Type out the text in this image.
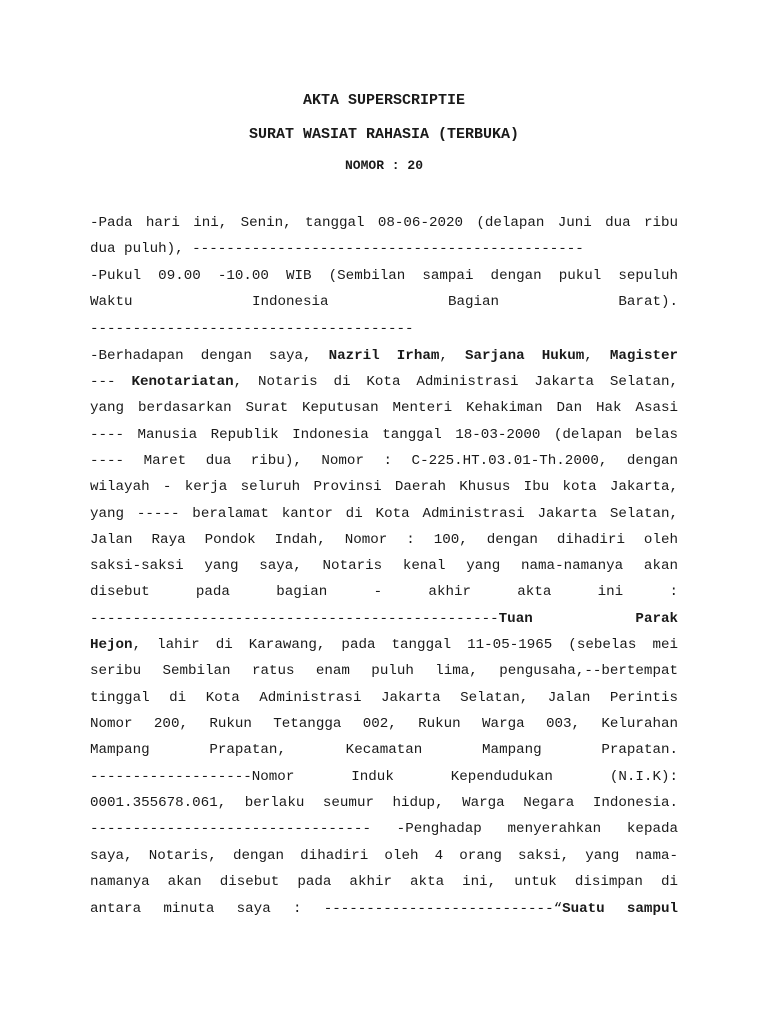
AKTA SUPERSCRIPTIE

SURAT WASIAT RAHASIA (TERBUKA)

NOMOR : 20

-Pada hari ini, Senin, tanggal 08-06-2020 (delapan Juni dua ribu

dua puluh), ----------------------------------------------

-Pukul 09.00 -10.00 WIB (Sembilan sampai dengan pukul sepuluh

Waktu Indonesia Bagian Barat).

--------------------------------------

-Berhadapan dengan saya, Nazril Irham, Sarjana Hukum, Magister

--- Kenotariatan, Notaris di Kota Administrasi Jakarta Selatan,

yang berdasarkan Surat Keputusan Menteri Kehakiman Dan Hak Asasi

---- Manusia Republik Indonesia tanggal 18-03-2000 (delapan belas

---- Maret dua ribu), Nomor : C-225.HT.03.01-Th.2000, dengan

wilayah - kerja seluruh Provinsi Daerah Khusus Ibu kota Jakarta,

yang ----- beralamat kantor di Kota Administrasi Jakarta Selatan,

Jalan Raya Pondok Indah, Nomor : 100, dengan dihadiri oleh

saksi-saksi yang saya, Notaris kenal yang nama-namanya akan

disebut pada bagian - akhir akta ini :

------------------------------------------------Tuan Parak

Hejon, lahir di Karawang, pada tanggal 11-05-1965 (sebelas mei

seribu Sembilan ratus enam puluh lima, pengusaha,--bertempat

tinggal di Kota Administrasi Jakarta Selatan, Jalan Perintis

Nomor 200, Rukun Tetangga 002, Rukun Warga 003, Kelurahan

Mampang Prapatan, Kecamatan Mampang Prapatan.

-------------------Nomor Induk Kependudukan (N.I.K):

0001.355678.061, berlaku seumur hidup, Warga Negara Indonesia.

--------------------------------- -Penghadap menyerahkan kepada

saya, Notaris, dengan dihadiri oleh 4 orang saksi, yang nama-

namanya akan disebut pada akhir akta ini, untuk disimpan di

antara minuta saya : ---------------------------“Suatu sampul
